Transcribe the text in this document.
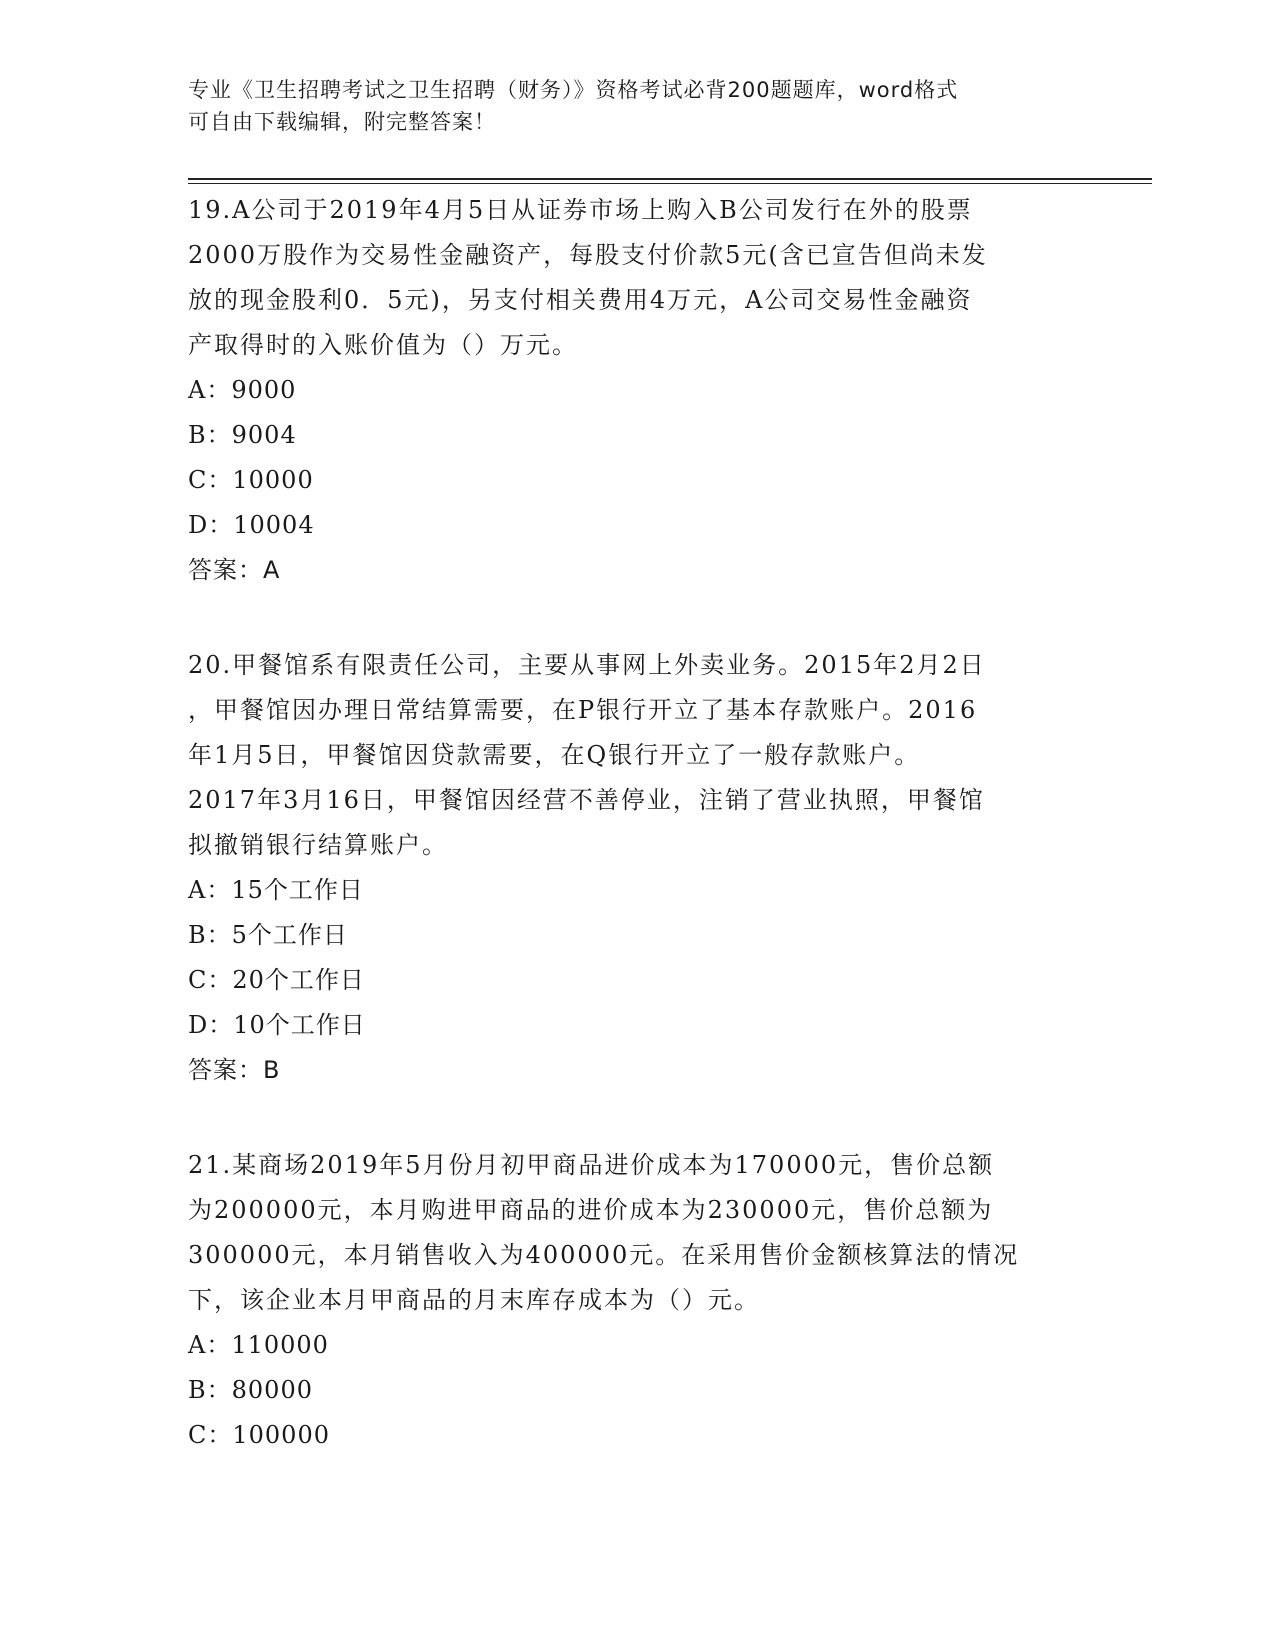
专业《卫生招聘考试之卫生招聘（财务）》资格考试必背200题题库，word格式
可自由下载编辑，附完整答案！
19.A公司于2019年4月5日从证券市场上购入B公司发行在外的股票
2000万股作为交易性金融资产，每股支付价款5元(含已宣告但尚未发
放的现金股利0．5元)，另支付相关费用4万元，A公司交易性金融资
产取得时的入账价值为（）万元。
A：9000
B：9004
C：10000
D：10004
答案：A
20.甲餐馆系有限责任公司，主要从事网上外卖业务。2015年2月2日
，甲餐馆因办理日常结算需要，在P银行开立了基本存款账户。2016
年1月5日，甲餐馆因贷款需要，在Q银行开立了一般存款账户。
2017年3月16日，甲餐馆因经营不善停业，注销了营业执照，甲餐馆
拟撤销银行结算账户。
A：15个工作日
B：5个工作日
C：20个工作日
D：10个工作日
答案：B
21.某商场2019年5月份月初甲商品进价成本为170000元，售价总额
为200000元，本月购进甲商品的进价成本为230000元，售价总额为
300000元，本月销售收入为400000元。在采用售价金额核算法的情况
下，该企业本月甲商品的月末库存成本为（）元。
A：110000
B：80000
C：100000
